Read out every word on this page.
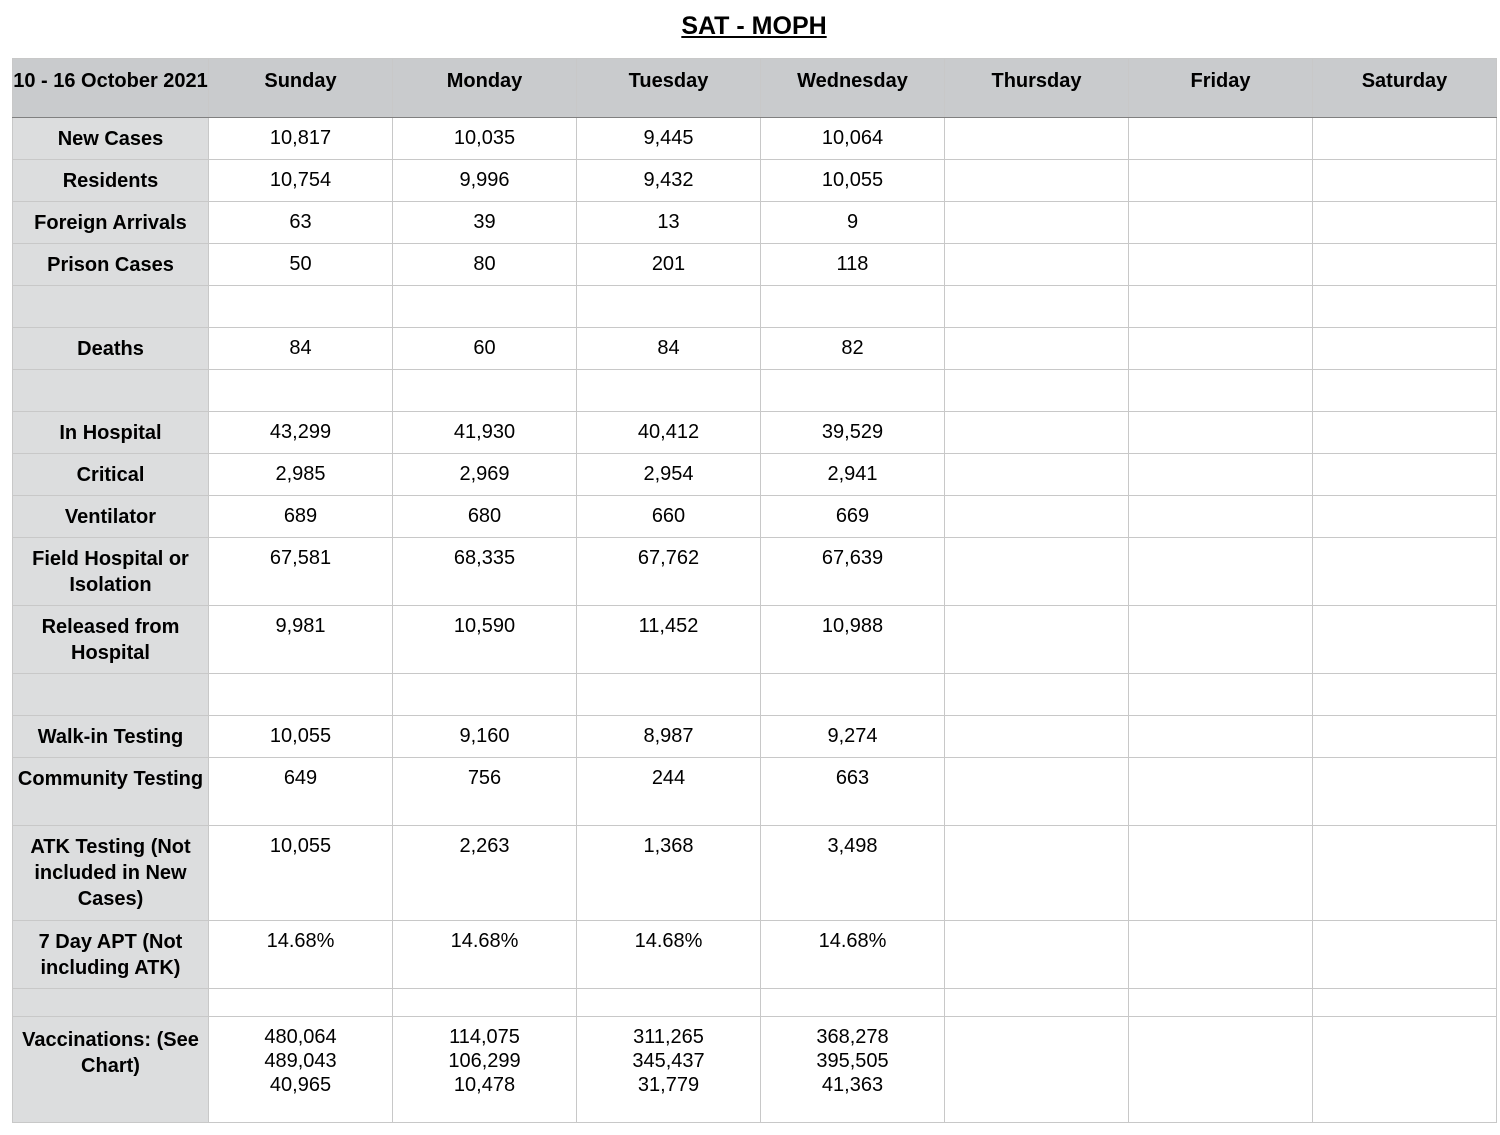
SAT - MOPH
10 - 16 October 2021	Sunday	Monday	Tuesday	Wednesday	Thursday	Friday	Saturday
New Cases	10,817	10,035	9,445	10,064			
Residents	10,754	9,996	9,432	10,055			
Foreign Arrivals	63	39	13	9			
Prison Cases	50	80	201	118			

Deaths	84	60	84	82			

In Hospital	43,299	41,930	40,412	39,529			
Critical	2,985	2,969	2,954	2,941			
Ventilator	689	680	660	669			
Field Hospital or Isolation	67,581	68,335	67,762	67,639			
Released from Hospital	9,981	10,590	11,452	10,988			

Walk-in Testing	10,055	9,160	8,987	9,274			
Community Testing	649	756	244	663			
ATK Testing (Not included in New Cases)	10,055	2,263	1,368	3,498			
7 Day APT (Not including ATK)	14.68%	14.68%	14.68%	14.68%			

Vaccinations: (See Chart)	480,064
489,043
40,965	114,075
106,299
10,478	311,265
345,437
31,779	368,278
395,505
41,363			
